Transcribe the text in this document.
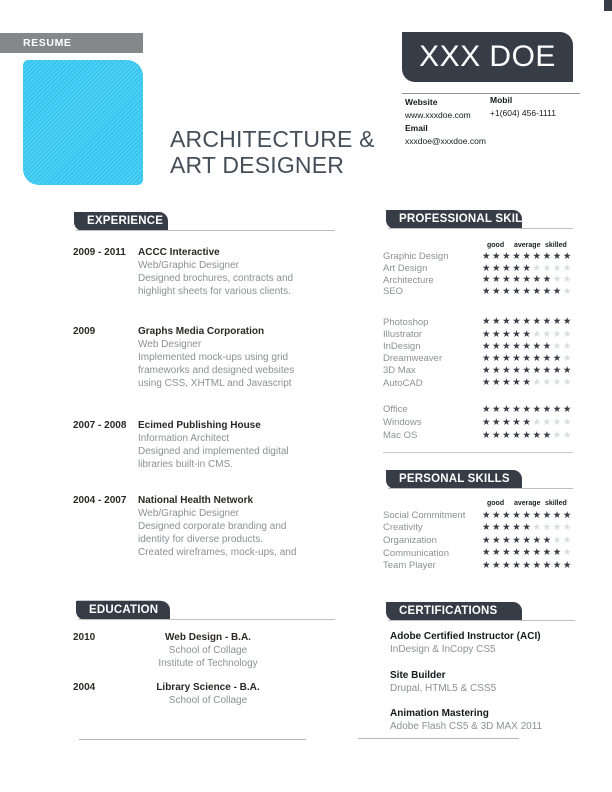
RESUME
ARCHITECTURE &
ART DESIGNER
XXX DOE
Website
www.xxxdoe.com
Email
xxxdoe@xxxdoe.com
Mobil
+1(604) 456-1111
EXPERIENCE
2009 - 2011	ACCC Interactive
Web/Graphic Designer
Designed brochures, contracts and
highlight sheets for various clients.
2009	Graphs Media Corporation
Web Designer
Implemented mock-ups using grid
frameworks and designed websites
using CSS, XHTML and Javascript
2007 - 2008	Ecimed Publishing House
Information Architect
Designed and implemented digital
libraries built-in CMS.
2004 - 2007	National Health Network
Web/Graphic Designer
Designed corporate branding and
identity for diverse products.
Created wireframes, mock-ups, and
EDUCATION
2010	Web Design - B.A.
School of Collage
Institute of Technology
2004	Library Science - B.A.
School of Collage
PROFESSIONAL SKILLS
good average skilled
Graphic Design	★★★★★★★★★
Art Design	★★★★★★★★★
Architecture	★★★★★★★★★
SEO	★★★★★★★★★
Photoshop	★★★★★★★★★
Illustrator	★★★★★★★★★
InDesign	★★★★★★★★★
Dreamweaver	★★★★★★★★★
3D Max	★★★★★★★★★
AutoCAD	★★★★★★★★★
Office	★★★★★★★★★
Windows	★★★★★★★★★
Mac OS	★★★★★★★★★
PERSONAL SKILLS
good average skilled
Social Commitment ★★★★★★★★★
Creativity	★★★★★★★★★
Organization	★★★★★★★★★
Communication	★★★★★★★★★
Team Player	★★★★★★★★★
CERTIFICATIONS
Adobe Certified Instructor (ACI)
InDesign & InCopy CS5
Site Builder
Drupal, HTML5 & CSS5
Animation Mastering
Adobe Flash CS5 & 3D MAX 2011
